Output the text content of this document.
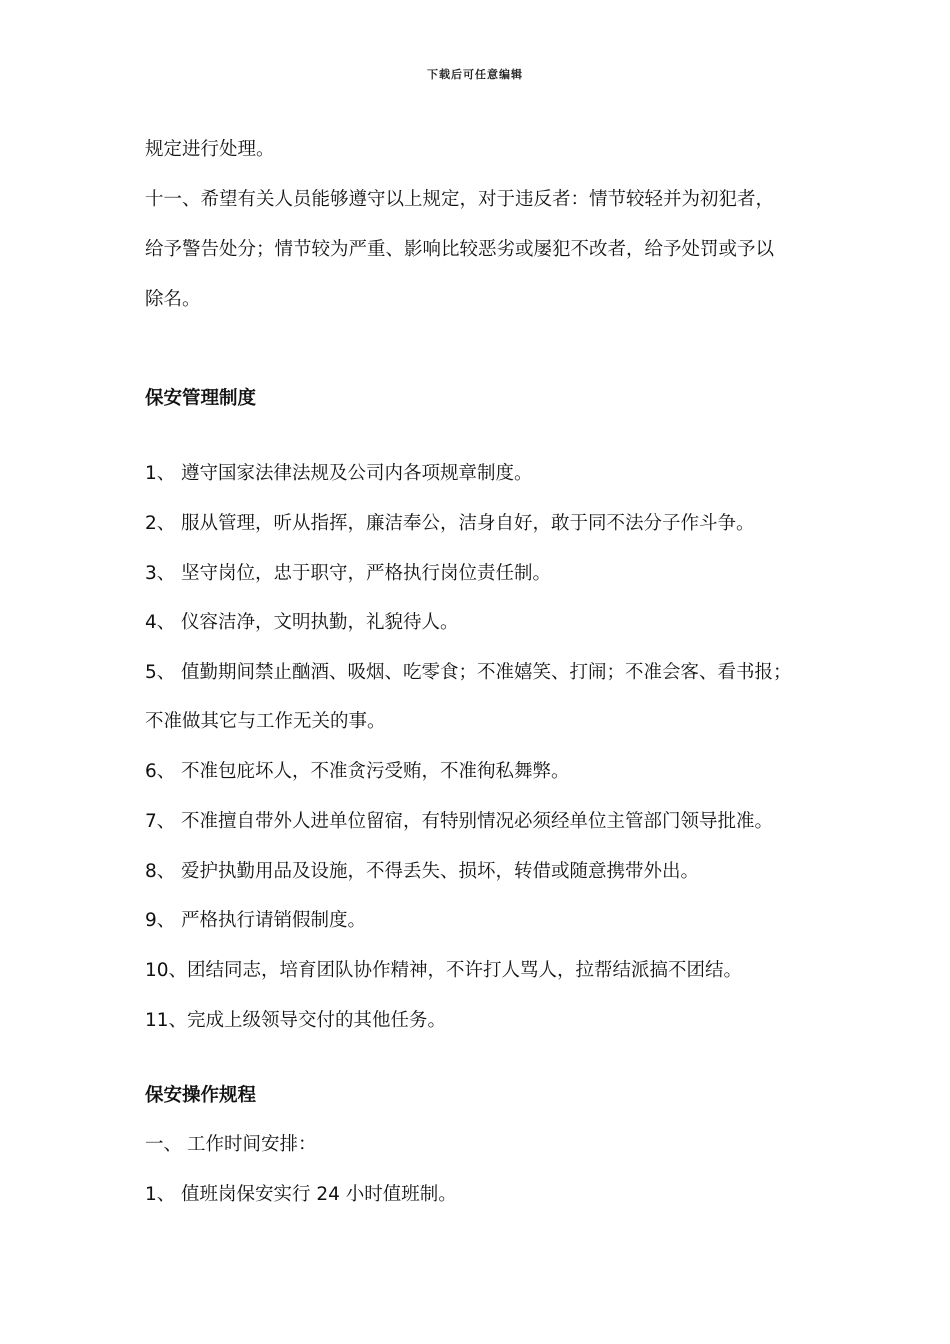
下载后可任意编辑
规定进行处理。
十一、希望有关人员能够遵守以上规定，对于违反者：情节较轻并为初犯者，
给予警告处分；情节较为严重、影响比较恶劣或屡犯不改者，给予处罚或予以
除名。
保安管理制度
1、 遵守国家法律法规及公司内各项规章制度。
2、 服从管理，听从指挥，廉洁奉公，洁身自好，敢于同不法分子作斗争。
3、 坚守岗位，忠于职守，严格执行岗位责任制。
4、 仪容洁净，文明执勤，礼貌待人。
5、 值勤期间禁止酗酒、吸烟、吃零食；不准嬉笑、打闹；不准会客、看书报；
不准做其它与工作无关的事。
6、 不准包庇坏人，不准贪污受贿，不准徇私舞弊。
7、 不准擅自带外人进单位留宿，有特别情况必须经单位主管部门领导批准。
8、 爱护执勤用品及设施，不得丢失、损坏，转借或随意携带外出。
9、 严格执行请销假制度。
10、团结同志，培育团队协作精神，不许打人骂人，拉帮结派搞不团结。
11、完成上级领导交付的其他任务。
保安操作规程
一、 工作时间安排：
1、 值班岗保安实行 24 小时值班制。
